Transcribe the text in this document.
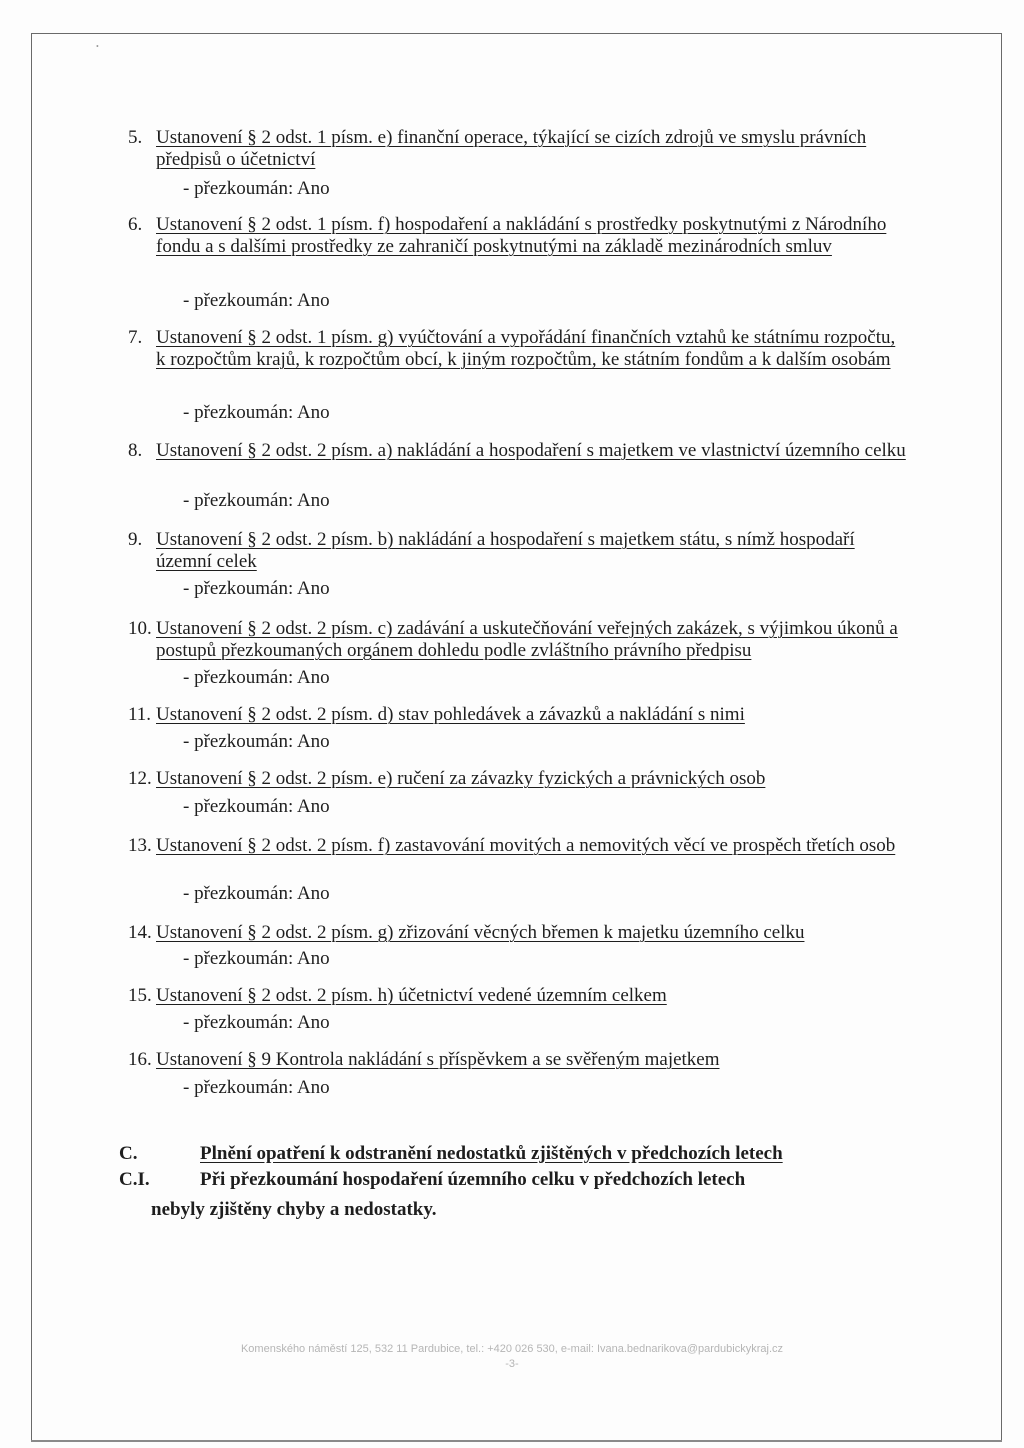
•
5. Ustanovení § 2 odst. 1 písm. e) finanční operace, týkající se cizích zdrojů ve smyslu právních předpisů o účetnictví
- přezkoumán: Ano
6. Ustanovení § 2 odst. 1 písm. f) hospodaření a nakládání s prostředky poskytnutými z Národního fondu a s dalšími prostředky ze zahraničí poskytnutými na základě mezinárodních smluv
- přezkoumán: Ano
7. Ustanovení § 2 odst. 1 písm. g) vyúčtování a vypořádání finančních vztahů ke státnímu rozpočtu, k rozpočtům krajů, k rozpočtům obcí, k jiným rozpočtům, ke státním fondům a k dalším osobám
- přezkoumán: Ano
8. Ustanovení § 2 odst. 2 písm. a) nakládání a hospodaření s majetkem ve vlastnictví územního celku
- přezkoumán: Ano
9. Ustanovení § 2 odst. 2 písm. b) nakládání a hospodaření s majetkem státu, s nímž hospodaří územní celek
- přezkoumán: Ano
10. Ustanovení § 2 odst. 2 písm. c) zadávání a uskutečňování veřejných zakázek, s výjimkou úkonů a postupů přezkoumaných orgánem dohledu podle zvláštního právního předpisu
- přezkoumán: Ano
11. Ustanovení § 2 odst. 2 písm. d) stav pohledávek a závazků a nakládání s nimi
- přezkoumán: Ano
12. Ustanovení § 2 odst. 2 písm. e) ručení za závazky fyzických a právnických osob
- přezkoumán: Ano
13. Ustanovení § 2 odst. 2 písm. f) zastavování movitých a nemovitých věcí ve prospěch třetích osob
- přezkoumán: Ano
14. Ustanovení § 2 odst. 2 písm. g) zřizování věcných břemen k majetku územního celku
- přezkoumán: Ano
15. Ustanovení § 2 odst. 2 písm. h) účetnictví vedené územním celkem
- přezkoumán: Ano
16. Ustanovení § 9 Kontrola nakládání s příspěvkem a se svěřeným majetkem
- přezkoumán: Ano
C.	Plnění opatření k odstranění nedostatků zjištěných v předchozích letech
C.I.	Při přezkoumání hospodaření územního celku v předchozích letech
nebyly zjištěny chyby a nedostatky.
Komenského náměstí 125, 532 11 Pardubice, tel.: +420 026 530, e-mail: Ivana.bednarikova@pardubickykraj.cz
-3-
